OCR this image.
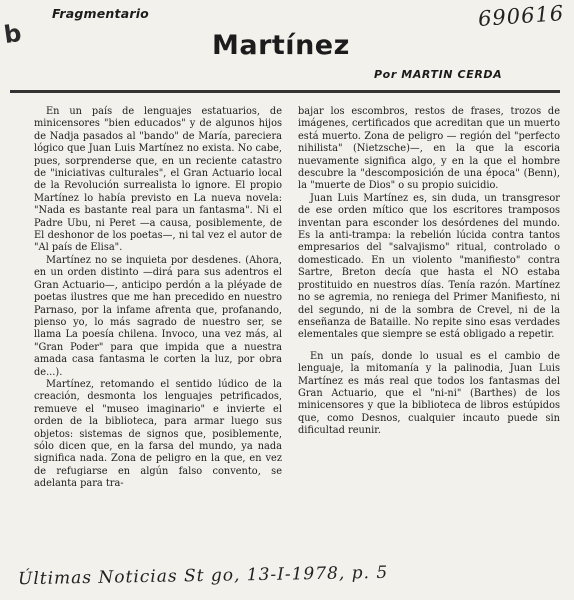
Fragmentario
b
690616
Martínez
Por MARTIN CERDA

En un país de lenguajes estatuarios, de minicensores "bien educados" y de algunos hijos de Nadja pasados al "bando" de María, pareciera lógico que Juan Luis Martínez no exista. No cabe, pues, sorprenderse que, en un reciente catastro de "iniciativas culturales", el Gran Actuario local de la Revolución surrealista lo ignore. El propio Martínez lo había previsto en La nueva novela: "Nada es bastante real para un fantasma". Ni el Padre Ubu, ni Peret —a causa, posiblemente, de El deshonor de los poetas—, ni tal vez el autor de "Al país de Elisa".

Martínez no se inquieta por desdenes. (Ahora, en un orden distinto —dirá para sus adentros el Gran Actuario—, anticipo perdón a la pléyade de poetas ilustres que me han precedido en nuestro Parnaso, por la infame afrenta que, profanando, pienso yo, lo más sagrado de nuestro ser, se llama La poesía chilena. Invoco, una vez más, al "Gran Poder" para que impida que a nuestra amada casa fantasma le corten la luz, por obra de...).

Martínez, retomando el sentido lúdico de la creación, desmonta los lenguajes petrificados, remueve el "museo imaginario" e invierte el orden de la biblioteca, para armar luego sus objetos: sistemas de signos que, posiblemente, sólo dicen que, en la farsa del mundo, ya nada significa nada. Zona de peligro en la que, en vez de refugiarse en algún falso convento, se adelanta para tra-

bajar los escombros, restos de frases, trozos de imágenes, certificados que acreditan que un muerto está muerto. Zona de peligro — región del "perfecto nihilista" (Nietzsche)—, en la que la escoria nuevamente significa algo, y en la que el hombre descubre la "descomposición de una época" (Benn), la "muerte de Dios" o su propio suicidio.

Juan Luis Martínez es, sin duda, un transgresor de ese orden mítico que los escritores tramposos inventan para esconder los desórdenes del mundo. Es la anti-trampa: la rebelión lúcida contra tantos empresarios del "salvajismo" ritual, controlado o domesticado. En un violento "manifiesto" contra Sartre, Breton decía que hasta el NO estaba prostituido en nuestros días. Tenía razón. Martínez no se agremia, no reniega del Primer Manifiesto, ni del segundo, ni de la sombra de Crevel, ni de la enseñanza de Bataille. No repite sino esas verdades elementales que siempre se está obligado a repetir.

En un país, donde lo usual es el cambio de lenguaje, la mitomanía y la palinodia, Juan Luis Martínez es más real que todos los fantasmas del Gran Actuario, que el "ni-ni" (Barthes) de los minicensores y que la biblioteca de libros estúpidos que, como Desnos, cualquier incauto puede sin dificultad reunir.

Últimas Noticias St go, 13-I-1978, p. 5
